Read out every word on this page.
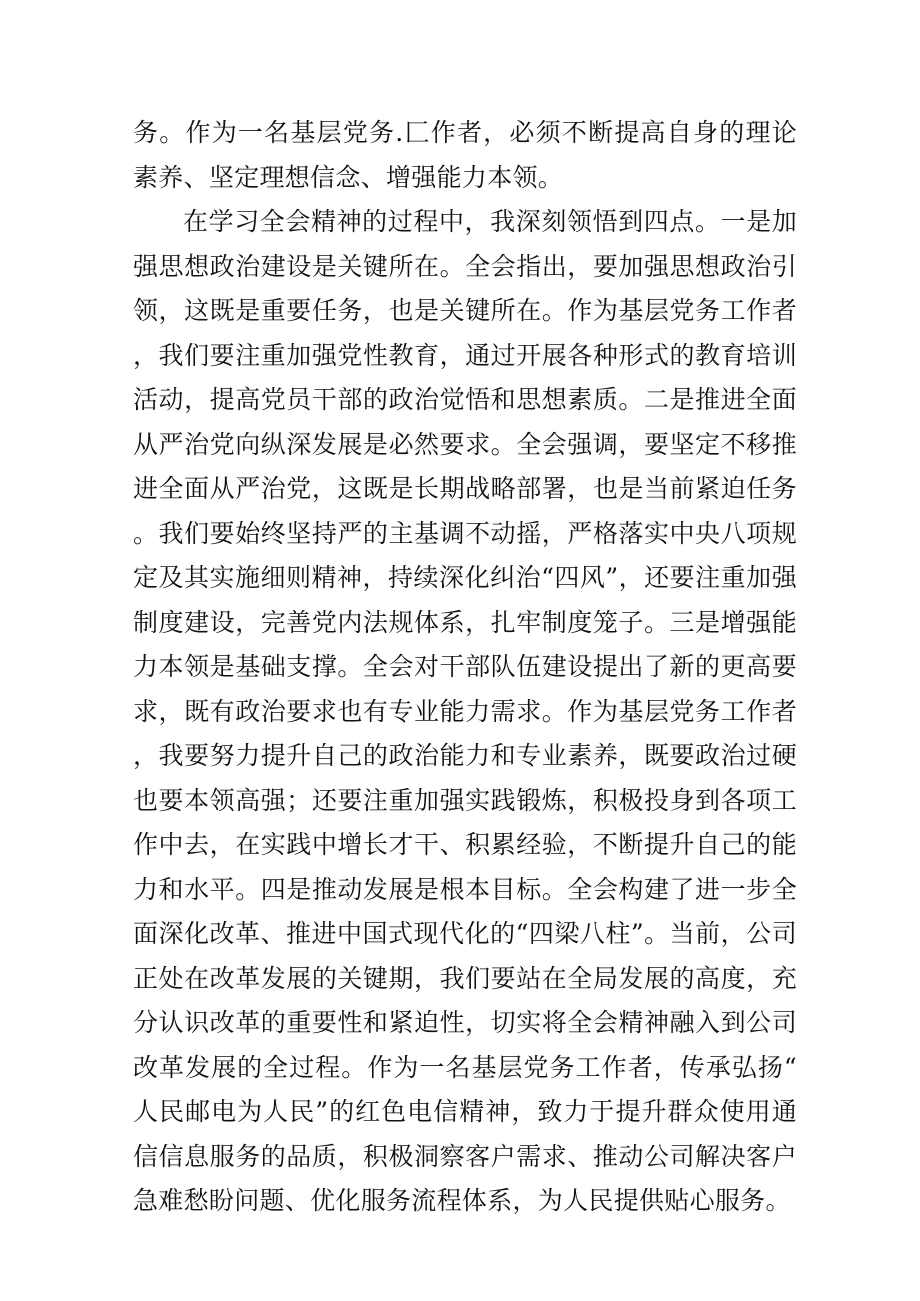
务。作为一名基层党务.匚作者，必须不断提高自身的理论素养、坚定理想信念、增强能力本领。

在学习全会精神的过程中，我深刻领悟到四点。一是加强思想政治建设是关键所在。全会指出，要加强思想政治引领，这既是重要任务，也是关键所在。作为基层党务工作者，我们要注重加强党性教育，通过开展各种形式的教育培训活动，提高党员干部的政治觉悟和思想素质。二是推进全面从严治党向纵深发展是必然要求。全会强调，要坚定不移推进全面从严治党，这既是长期战略部署，也是当前紧迫任务。我们要始终坚持严的主基调不动摇，严格落实中央八项规定及其实施细则精神，持续深化纠治“四风”，还要注重加强制度建设，完善党内法规体系，扎牢制度笼子。三是增强能力本领是基础支撑。全会对干部队伍建设提出了新的更高要求，既有政治要求也有专业能力需求。作为基层党务工作者，我要努力提升自己的政治能力和专业素养，既要政治过硬也要本领高强；还要注重加强实践锻炼，积极投身到各项工作中去，在实践中增长才干、积累经验，不断提升自己的能力和水平。四是推动发展是根本目标。全会构建了进一步全面深化改革、推进中国式现代化的“四梁八柱”。当前，公司正处在改革发展的关键期，我们要站在全局发展的高度，充分认识改革的重要性和紧迫性，切实将全会精神融入到公司改革发展的全过程。作为一名基层党务工作者，传承弘扬“人民邮电为人民”的红色电信精神，致力于提升群众使用通信信息服务的品质，积极洞察客户需求、推动公司解决客户急难愁盼问题、优化服务流程体系，为人民提供贴心服务。
